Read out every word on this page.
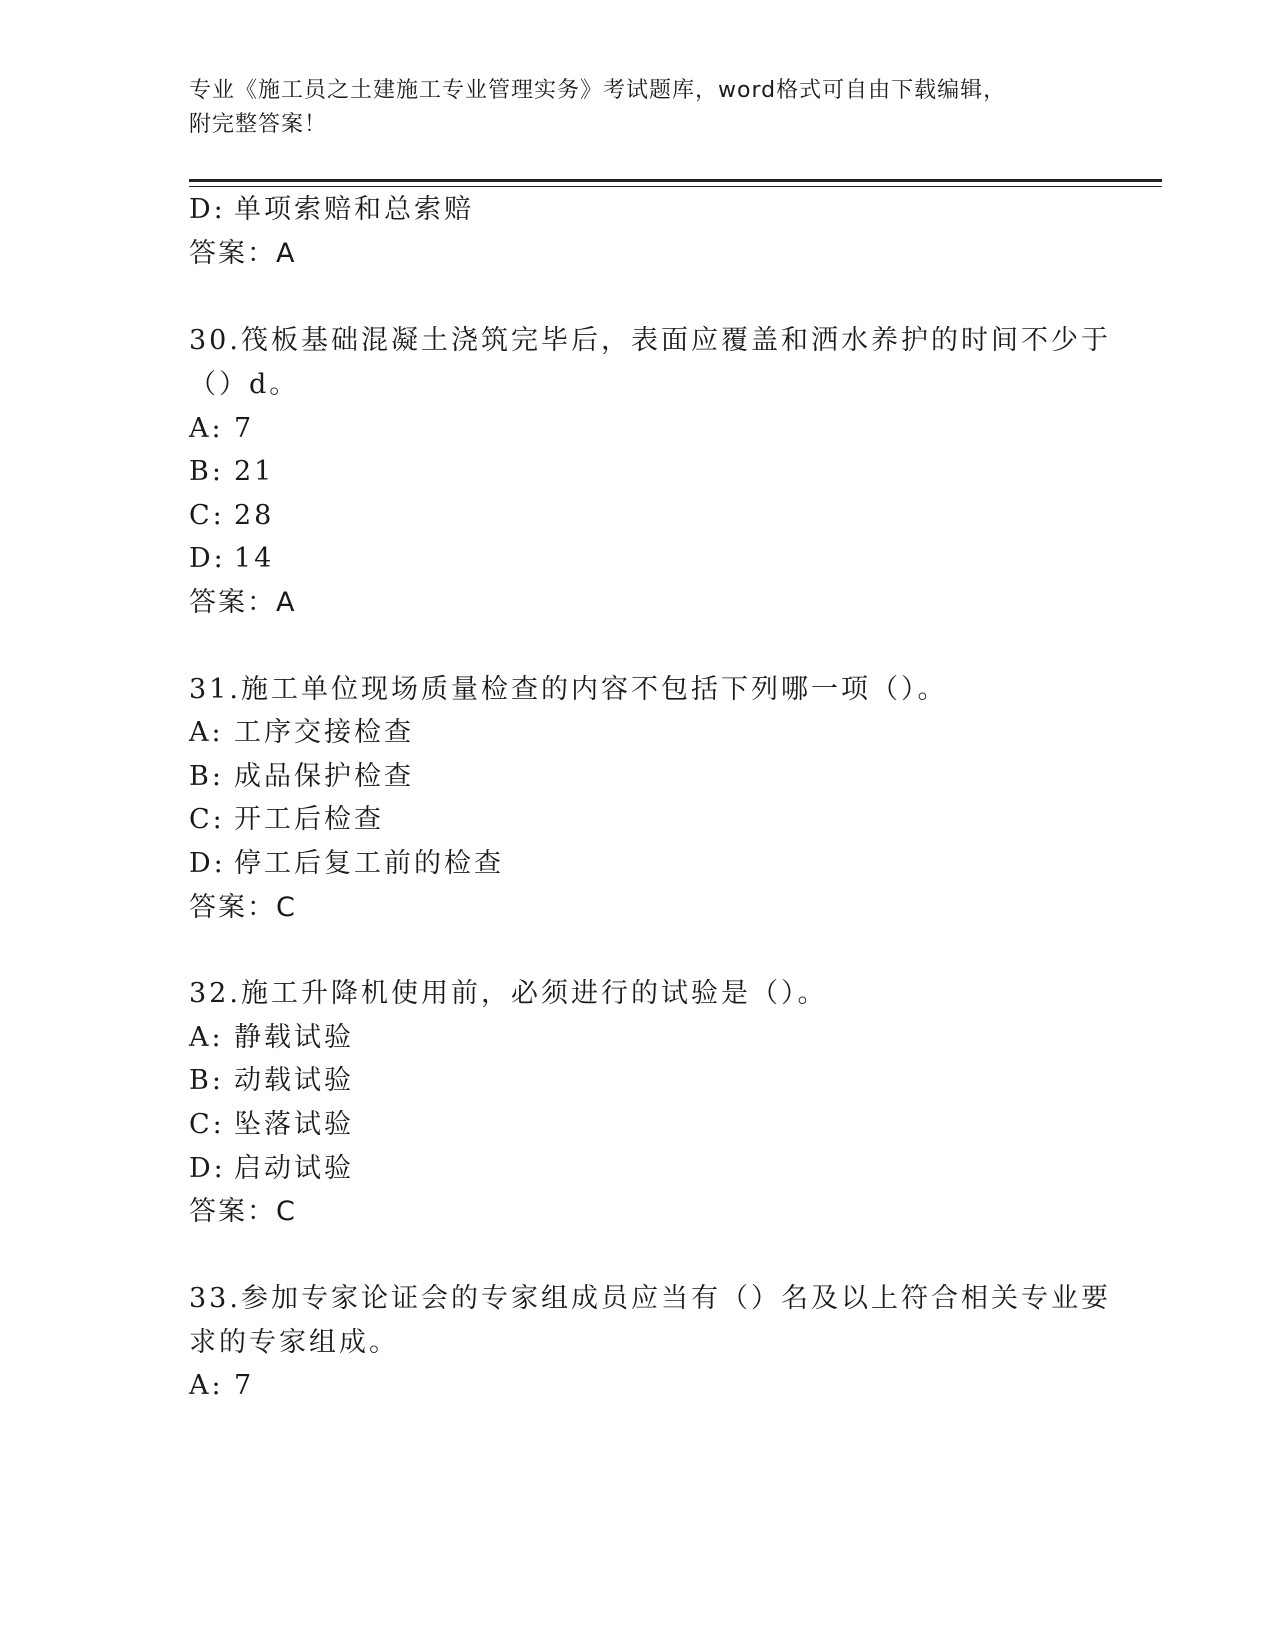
专业《施工员之土建施工专业管理实务》考试题库，word格式可自由下载编辑，
附完整答案！
D: 单项索赔和总索赔
答案：A
30.筏板基础混凝土浇筑完毕后，表面应覆盖和洒水养护的时间不少于
（）d。
A: 7
B: 21
C: 28
D: 14
答案：A
31.施工单位现场质量检查的内容不包括下列哪一项（）。
A: 工序交接检查
B: 成品保护检查
C: 开工后检查
D: 停工后复工前的检查
答案：C
32.施工升降机使用前，必须进行的试验是（）。
A: 静载试验
B: 动载试验
C: 坠落试验
D: 启动试验
答案：C
33.参加专家论证会的专家组成员应当有（）名及以上符合相关专业要
求的专家组成。
A: 7
